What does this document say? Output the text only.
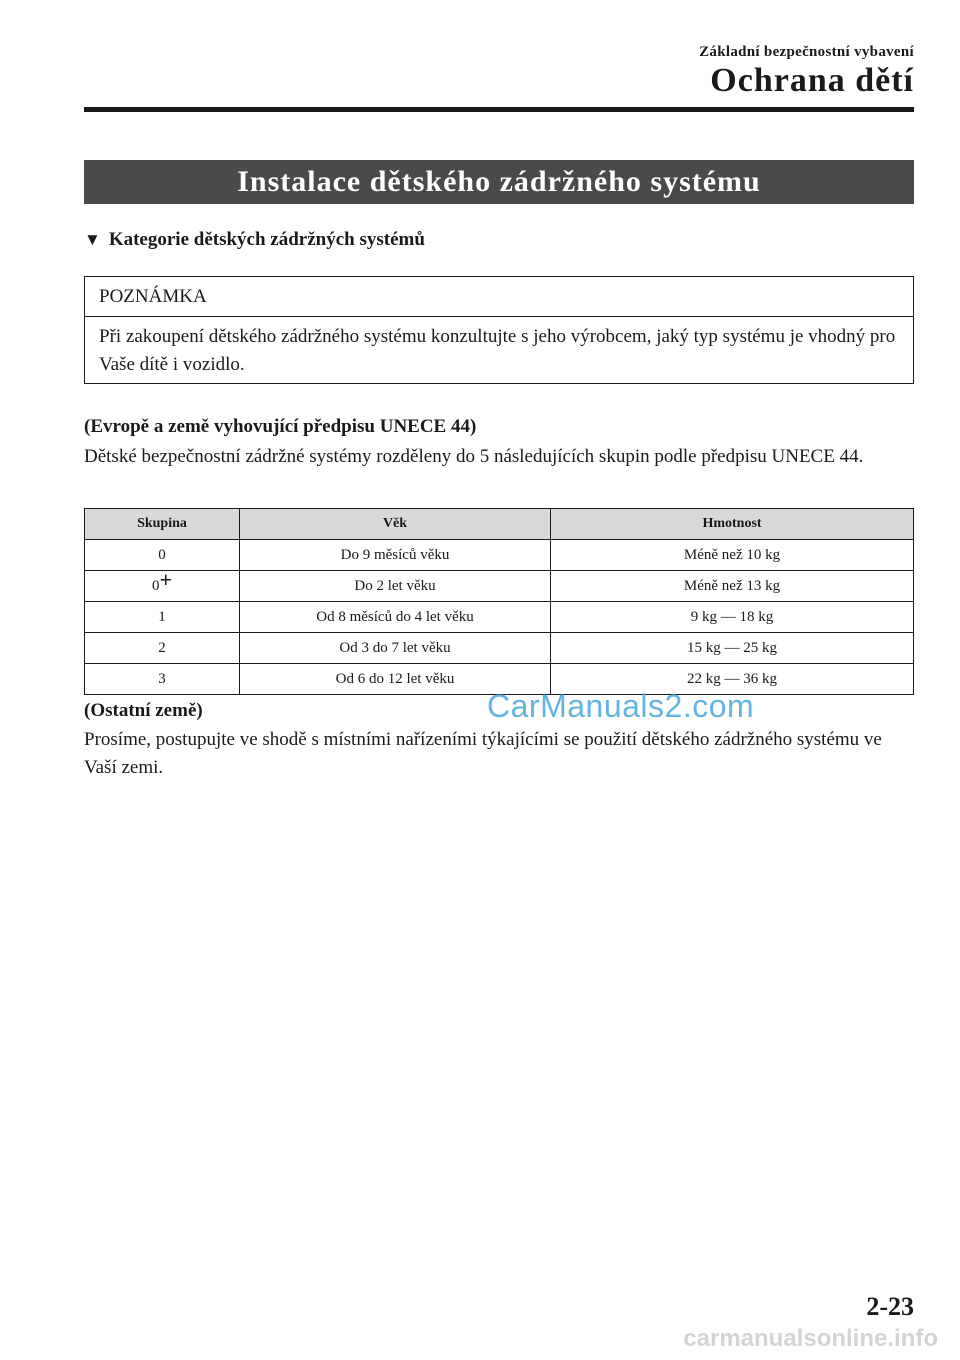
Základní bezpečnostní vybavení
Ochrana dětí
Instalace dětského zádržného systému
▼ Kategorie dětských zádržných systémů
POZNÁMKA
Při zakoupení dětského zádržného systému konzultujte s jeho výrobcem, jaký typ systému je vhodný pro Vaše dítě i vozidlo.
(Evropě a země vyhovující předpisu UNECE 44)
Dětské bezpečnostní zádržné systémy rozděleny do 5 následujících skupin podle předpisu UNECE 44.
Skupina	Věk	Hmotnost
0	Do 9 měsíců věku	Méně než 10 kg
0+	Do 2 let věku	Méně než 13 kg
1	Od 8 měsíců do 4 let věku	9 kg ― 18 kg
2	Od 3 do 7 let věku	15 kg ― 25 kg
3	Od 6 do 12 let věku	22 kg ― 36 kg
(Ostatní země)
Prosíme, postupujte ve shodě s místními nařízeními týkajícími se použití dětského zádržného systému ve Vaší zemi.
CarManuals2.com
2-23
carmanualsonline.info
